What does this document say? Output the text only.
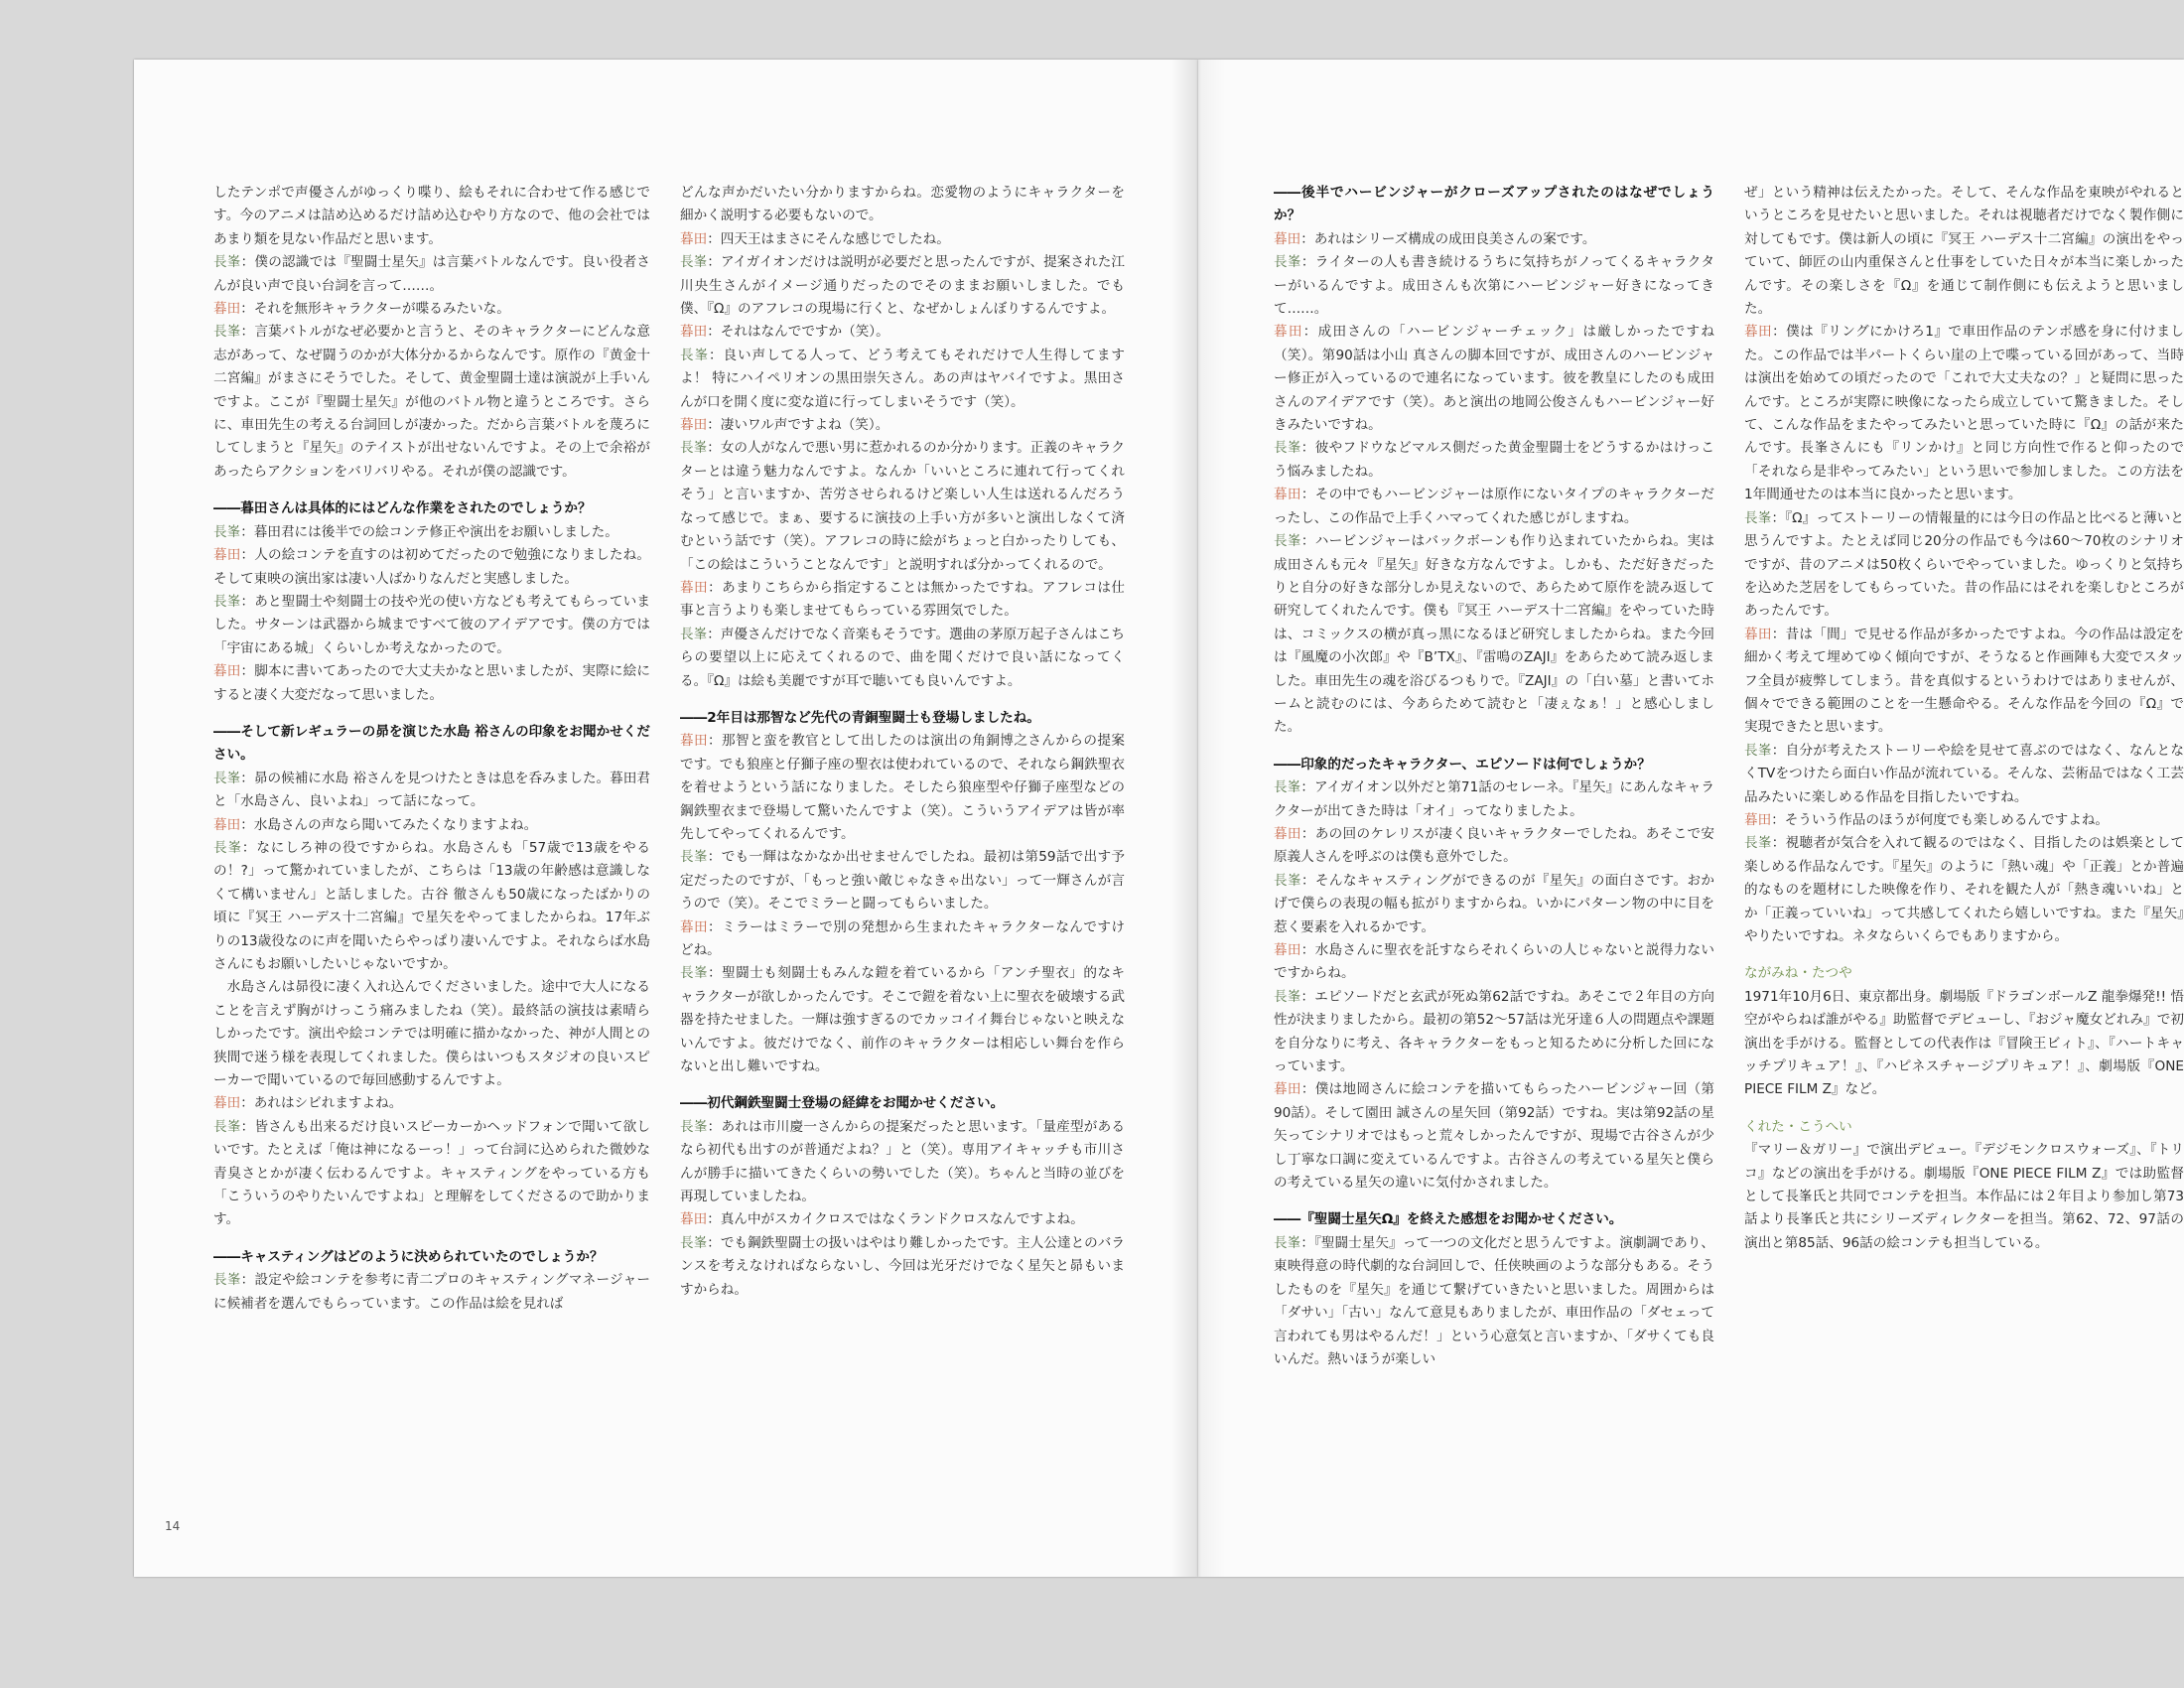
したテンポで声優さんがゆっくり喋り、絵もそれに合わせて作る感じです。今のアニメは詰め込めるだけ詰め込むやり方なので、他の会社ではあまり類を見ない作品だと思います。

長峯：僕の認識では『聖闘士星矢』は言葉バトルなんです。良い役者さんが良い声で良い台詞を言って……。

暮田：それを無形キャラクターが喋るみたいな。

長峯：言葉バトルがなぜ必要かと言うと、そのキャラクターにどんな意志があって、なぜ闘うのかが大体分かるからなんです。原作の『黄金十二宮編』がまさにそうでした。そして、黄金聖闘士達は演説が上手いんですよ。ここが『聖闘士星矢』が他のバトル物と違うところです。さらに、車田先生の考える台詞回しが凄かった。だから言葉バトルを蔑ろにしてしまうと『星矢』のテイストが出せないんですよ。その上で余裕があったらアクションをバリバリやる。それが僕の認識です。

――暮田さんは具体的にはどんな作業をされたのでしょうか？

長峯：暮田君には後半での絵コンテ修正や演出をお願いしました。

暮田：人の絵コンテを直すのは初めてだったので勉強になりましたね。そして東映の演出家は凄い人ばかりなんだと実感しました。

長峯：あと聖闘士や刻闘士の技や光の使い方なども考えてもらっていました。サターンは武器から城まですべて彼のアイデアです。僕の方では「宇宙にある城」くらいしか考えなかったので。

暮田：脚本に書いてあったので大丈夫かなと思いましたが、実際に絵にすると凄く大変だなって思いました。

――そして新レギュラーの昴を演じた水島 裕さんの印象をお聞かせください。

長峯：昴の候補に水島 裕さんを見つけたときは息を呑みました。暮田君と「水島さん、良いよね」って話になって。

暮田：水島さんの声なら聞いてみたくなりますよね。

長峯：なにしろ神の役ですからね。水島さんも「57歳で13歳をやるの！?」って驚かれていましたが、こちらは「13歳の年齢感は意識しなくて構いません」と話しました。古谷 徹さんも50歳になったばかりの頃に『冥王 ハーデス十二宮編』で星矢をやってましたからね。17年ぶりの13歳役なのに声を聞いたらやっぱり凄いんですよ。それならば水島さんにもお願いしたいじゃないですか。

水島さんは昴役に凄く入れ込んでくださいました。途中で大人になることを言えず胸がけっこう痛みましたね（笑）。最終話の演技は素晴らしかったです。演出や絵コンテでは明確に描かなかった、神が人間との狭間で迷う様を表現してくれました。僕らはいつもスタジオの良いスピーカーで聞いているので毎回感動するんですよ。

暮田：あれはシビれますよね。

長峯：皆さんも出来るだけ良いスピーカーかヘッドフォンで聞いて欲しいです。たとえば「俺は神になるーっ！」って台詞に込められた微妙な青臭さとかが凄く伝わるんですよ。キャスティングをやっている方も「こういうのやりたいんですよね」と理解をしてくださるので助かります。

――キャスティングはどのように決められていたのでしょうか？

長峯：設定や絵コンテを参考に青二プロのキャスティングマネージャーに候補者を選んでもらっています。この作品は絵を見れば

どんな声かだいたい分かりますからね。恋愛物のようにキャラクターを細かく説明する必要もないので。

暮田：四天王はまさにそんな感じでしたね。

長峯：アイガイオンだけは説明が必要だと思ったんですが、提案された江川央生さんがイメージ通りだったのでそのままお願いしました。でも僕、『Ω』のアフレコの現場に行くと、なぜかしょんぼりするんですよ。

暮田：それはなんでですか（笑）。

長峯：良い声してる人って、どう考えてもそれだけで人生得してますよ！ 特にハイペリオンの黒田崇矢さん。あの声はヤバイですよ。黒田さんが口を開く度に変な道に行ってしまいそうです（笑）。

暮田：凄いワル声ですよね（笑）。

長峯：女の人がなんで悪い男に惹かれるのか分かります。正義のキャラクターとは違う魅力なんですよ。なんか「いいところに連れて行ってくれそう」と言いますか、苦労させられるけど楽しい人生は送れるんだろうなって感じで。まぁ、要するに演技の上手い方が多いと演出しなくて済むという話です（笑）。アフレコの時に絵がちょっと白かったりしても、「この絵はこういうことなんです」と説明すれば分かってくれるので。

暮田：あまりこちらから指定することは無かったですね。アフレコは仕事と言うよりも楽しませてもらっている雰囲気でした。

長峯：声優さんだけでなく音楽もそうです。選曲の茅原万起子さんはこちらの要望以上に応えてくれるので、曲を聞くだけで良い話になってくる。『Ω』は絵も美麗ですが耳で聴いても良いんですよ。

――2年目は那智など先代の青銅聖闘士も登場しましたね。

暮田：那智と蛮を教官として出したのは演出の角銅博之さんからの提案です。でも狼座と仔獅子座の聖衣は使われているので、それなら鋼鉄聖衣を着せようという話になりました。そしたら狼座型や仔獅子座型などの鋼鉄聖衣まで登場して驚いたんですよ（笑）。こういうアイデアは皆が率先してやってくれるんです。

長峯：でも一輝はなかなか出せませんでしたね。最初は第59話で出す予定だったのですが、「もっと強い敵じゃなきゃ出ない」って一輝さんが言うので（笑）。そこでミラーと闘ってもらいました。

暮田：ミラーはミラーで別の発想から生まれたキャラクターなんですけどね。

長峯：聖闘士も刻闘士もみんな鎧を着ているから「アンチ聖衣」的なキャラクターが欲しかったんです。そこで鎧を着ない上に聖衣を破壊する武器を持たせました。一輝は強すぎるのでカッコイイ舞台じゃないと映えないんですよ。彼だけでなく、前作のキャラクターは相応しい舞台を作らないと出し難いですね。

――初代鋼鉄聖闘士登場の経緯をお聞かせください。

長峯：あれは市川慶一さんからの提案だったと思います。「量産型があるなら初代も出すのが普通だよね？」と（笑）。専用アイキャッチも市川さんが勝手に描いてきたくらいの勢いでした（笑）。ちゃんと当時の並びを再現していましたね。

暮田：真ん中がスカイクロスではなくランドクロスなんですよね。

長峯：でも鋼鉄聖闘士の扱いはやはり難しかったです。主人公達とのバランスを考えなければならないし、今回は光牙だけでなく星矢と昴もいますからね。

――後半でハービンジャーがクローズアップされたのはなぜでしょうか？

暮田：あれはシリーズ構成の成田良美さんの案です。

長峯：ライターの人も書き続けるうちに気持ちがノってくるキャラクターがいるんですよ。成田さんも次第にハービンジャー好きになってきて……。

暮田：成田さんの「ハービンジャーチェック」は厳しかったですね（笑）。第90話は小山 真さんの脚本回ですが、成田さんのハービンジャー修正が入っているので連名になっています。彼を教皇にしたのも成田さんのアイデアです（笑）。あと演出の地岡公俊さんもハービンジャー好きみたいですね。

長峯：彼やフドウなどマルス側だった黄金聖闘士をどうするかはけっこう悩みましたね。

暮田：その中でもハービンジャーは原作にないタイプのキャラクターだったし、この作品で上手くハマってくれた感じがしますね。

長峯：ハービンジャーはバックボーンも作り込まれていたからね。実は成田さんも元々『星矢』好きな方なんですよ。しかも、ただ好きだったりと自分の好きな部分しか見えないので、あらためて原作を読み返して研究してくれたんです。僕も『冥王 ハーデス十二宮編』をやっていた時は、コミックスの横が真っ黒になるほど研究しましたからね。また今回は『風魔の小次郎』や『B’TX』、『雷鳴のZAJI』をあらためて読み返しました。車田先生の魂を浴びるつもりで。『ZAJI』の「白い墓」と書いてホームと読むのには、今あらためて読むと「凄ぇなぁ！」と感心しました。

――印象的だったキャラクター、エピソードは何でしょうか？

長峯：アイガイオン以外だと第71話のセレーネ。『星矢』にあんなキャラクターが出てきた時は「オイ」ってなりましたよ。

暮田：あの回のケレリスが凄く良いキャラクターでしたね。あそこで安原義人さんを呼ぶのは僕も意外でした。

長峯：そんなキャスティングができるのが『星矢』の面白さです。おかげで僕らの表現の幅も拡がりますからね。いかにパターン物の中に目を惹く要素を入れるかです。

暮田：水島さんに聖衣を託すならそれくらいの人じゃないと説得力ないですからね。

長峯：エピソードだと玄武が死ぬ第62話ですね。あそこで２年目の方向性が決まりましたから。最初の第52〜57話は光牙達６人の問題点や課題を自分なりに考え、各キャラクターをもっと知るために分析した回になっています。

暮田：僕は地岡さんに絵コンテを描いてもらったハービンジャー回（第90話）。そして園田 誠さんの星矢回（第92話）ですね。実は第92話の星矢ってシナリオではもっと荒々しかったんですが、現場で古谷さんが少し丁寧な口調に変えているんですよ。古谷さんの考えている星矢と僕らの考えている星矢の違いに気付かされました。

――『聖闘士星矢Ω』を終えた感想をお聞かせください。

長峯：『聖闘士星矢』って一つの文化だと思うんですよ。演劇調であり、東映得意の時代劇的な台詞回しで、任侠映画のような部分もある。そうしたものを『星矢』を通じて繋げていきたいと思いました。周囲からは「ダサい」「古い」なんて意見もありましたが、車田作品の「ダセェって言われても男はやるんだ！」という心意気と言いますか、「ダサくても良いんだ。熱いほうが楽しい

ぜ」という精神は伝えたかった。そして、そんな作品を東映がやれるというところを見せたいと思いました。それは視聴者だけでなく製作側に対してもです。僕は新人の頃に『冥王 ハーデス十二宮編』の演出をやっていて、師匠の山内重保さんと仕事をしていた日々が本当に楽しかったんです。その楽しさを『Ω』を通じて制作側にも伝えようと思いました。

暮田：僕は『リングにかけろ1』で車田作品のテンポ感を身に付けました。この作品では半パートくらい崖の上で喋っている回があって、当時は演出を始めての頃だったので「これで大丈夫なの？」と疑問に思ったんです。ところが実際に映像になったら成立していて驚きました。そして、こんな作品をまたやってみたいと思っていた時に『Ω』の話が来たんです。長峯さんにも『リンかけ』と同じ方向性で作ると仰ったので「それなら是非やってみたい」という思いで参加しました。この方法を1年間通せたのは本当に良かったと思います。

長峯：『Ω』ってストーリーの情報量的には今日の作品と比べると薄いと思うんですよ。たとえば同じ20分の作品でも今は60〜70枚のシナリオですが、昔のアニメは50枚くらいでやっていました。ゆっくりと気持ちを込めた芝居をしてもらっていた。昔の作品にはそれを楽しむところがあったんです。

暮田：昔は「間」で見せる作品が多かったですよね。今の作品は設定を細かく考えて埋めてゆく傾向ですが、そうなると作画陣も大変でスタッフ全員が疲弊してしまう。昔を真似するというわけではありませんが、個々でできる範囲のことを一生懸命やる。そんな作品を今回の『Ω』で実現できたと思います。

長峯：自分が考えたストーリーや絵を見せて喜ぶのではなく、なんとなくTVをつけたら面白い作品が流れている。そんな、芸術品ではなく工芸品みたいに楽しめる作品を目指したいですね。

暮田：そういう作品のほうが何度でも楽しめるんですよね。

長峯：視聴者が気合を入れて観るのではなく、目指したのは娯楽として楽しめる作品なんです。『星矢』のように「熱い魂」や「正義」とか普遍的なものを題材にした映像を作り、それを観た人が「熱き魂いいね」とか「正義っていいね」って共感してくれたら嬉しいですね。また『星矢』やりたいですね。ネタならいくらでもありますから。

ながみね・たつや

1971年10月6日、東京都出身。劇場版『ドラゴンボールZ 龍拳爆発!! 悟空がやらねば誰がやる』助監督でデビューし、『おジャ魔女どれみ』で初演出を手がける。監督としての代表作は『冒険王ビィト』、『ハートキャッチプリキュア！』、『ハピネスチャージプリキュア！』、劇場版『ONE PIECE FILM Z』など。

くれた・こうへい

『マリー＆ガリー』で演出デビュー。『デジモンクロスウォーズ』、『トリコ』などの演出を手がける。劇場版『ONE PIECE FILM Z』では助監督として長峯氏と共同でコンテを担当。本作品には２年目より参加し第73話より長峯氏と共にシリーズディレクターを担当。第62、72、97話の演出と第85話、96話の絵コンテも担当している。

14
